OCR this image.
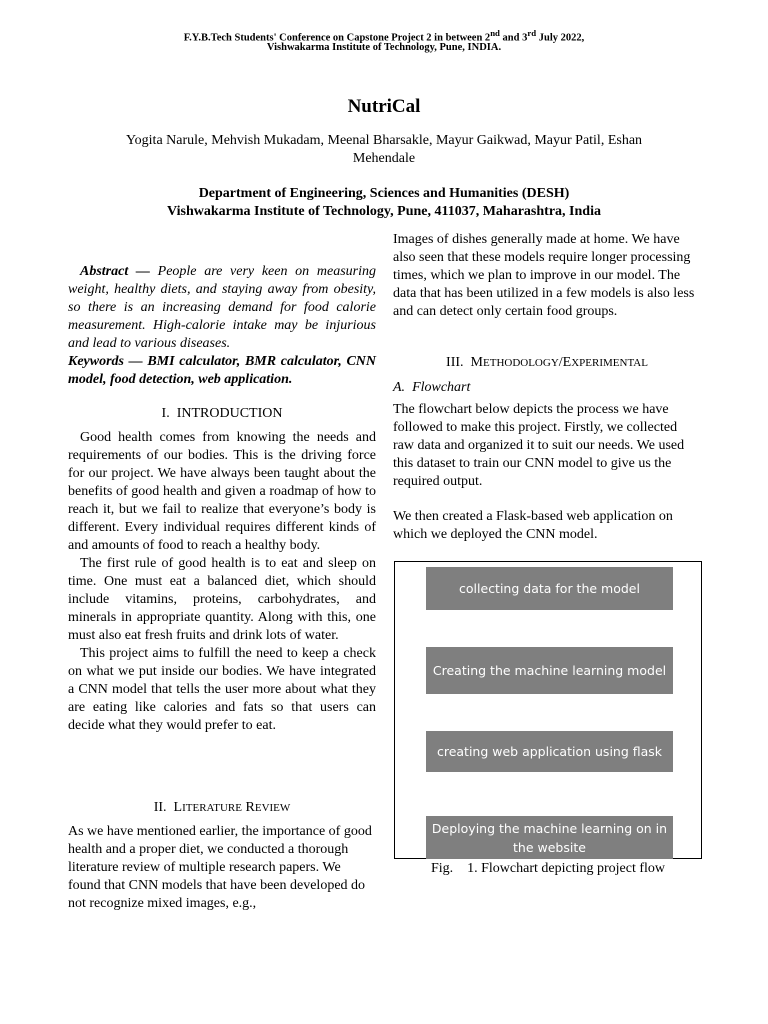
F.Y.B.Tech Students' Conference on Capstone Project 2 in between 2nd and 3rd July 2022,
Vishwakarma Institute of Technology, Pune, INDIA.
NutriCal
Yogita Narule, Mehvish Mukadam, Meenal Bharsakle, Mayur Gaikwad, Mayur Patil, Eshan Mehendale
Department of Engineering, Sciences and Humanities (DESH)
Vishwakarma Institute of Technology, Pune, 411037, Maharashtra, India

Abstract — People are very keen on measuring weight, healthy diets, and staying away from obesity, so there is an increasing demand for food calorie measurement. High-calorie intake may be injurious and lead to various diseases.

Keywords — BMI calculator, BMR calculator, CNN model, food detection, web application.

I. INTRODUCTION

Good health comes from knowing the needs and requirements of our bodies. This is the driving force for our project. We have always been taught about the benefits of good health and given a roadmap of how to reach it, but we fail to realize that everyone’s body is different. Every individual requires different kinds of and amounts of food to reach a healthy body.

The first rule of good health is to eat and sleep on time. One must eat a balanced diet, which should include vitamins, proteins, carbohydrates, and minerals in appropriate quantity. Along with this, one must also eat fresh fruits and drink lots of water.

This project aims to fulfill the need to keep a check on what we put inside our bodies. We have integrated a CNN model that tells the user more about what they are eating like calories and fats so that users can decide what they would prefer to eat.

II. LITERATURE REVIEW
As we have mentioned earlier, the importance of good health and a proper diet, we conducted a thorough literature review of multiple research papers. We found that CNN models that have been developed do not recognize mixed images, e.g.,
Images of dishes generally made at home. We have also seen that these models require longer processing times, which we plan to improve in our model. The data that has been utilized in a few models is also less and can detect only certain food groups.
III. METHODOLOGY/EXPERIMENTAL
A. Flowchart
The flowchart below depicts the process we have followed to make this project. Firstly, we collected raw data and organized it to suit our needs. We used this dataset to train our CNN model to give us the required output.
We then created a Flask-based web application on which we deployed the CNN model.
collecting data for the model
Creating the machine learning model
creating web application using flask
Deploying the machine learning on in the website
Fig.    1. Flowchart depicting project flow
